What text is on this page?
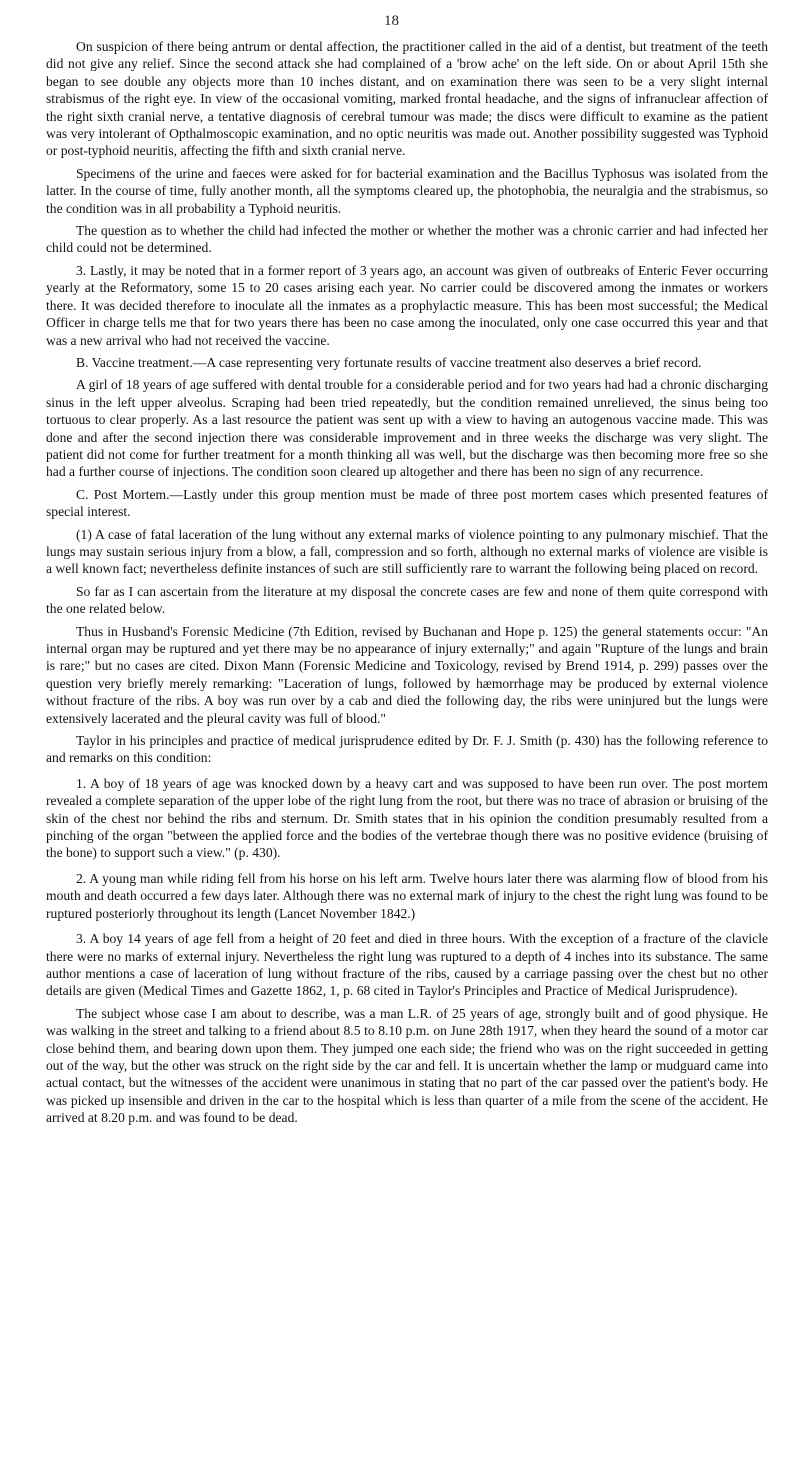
18

On suspicion of there being antrum or dental affection, the practitioner called in the aid of a dentist, but treatment of the teeth did not give any relief. Since the second attack she had complained of a 'brow ache' on the left side. On or about April 15th she began to see double any objects more than 10 inches distant, and on examination there was seen to be a very slight internal strabismus of the right eye. In view of the occasional vomiting, marked frontal headache, and the signs of infranuclear affection of the right sixth cranial nerve, a tentative diagnosis of cerebral tumour was made; the discs were difficult to examine as the patient was very intolerant of Opthalmoscopic examination, and no optic neuritis was made out. Another possibility suggested was Typhoid or post-typhoid neuritis, affecting the fifth and sixth cranial nerve.

Specimens of the urine and faeces were asked for for bacterial examination and the Bacillus Typhosus was isolated from the latter. In the course of time, fully another month, all the symptoms cleared up, the photophobia, the neuralgia and the strabismus, so the condition was in all probability a Typhoid neuritis.

The question as to whether the child had infected the mother or whether the mother was a chronic carrier and had infected her child could not be determined.

3. Lastly, it may be noted that in a former report of 3 years ago, an account was given of outbreaks of Enteric Fever occurring yearly at the Reformatory, some 15 to 20 cases arising each year. No carrier could be discovered among the inmates or workers there. It was decided therefore to inoculate all the inmates as a prophylactic measure. This has been most successful; the Medical Officer in charge tells me that for two years there has been no case among the inoculated, only one case occurred this year and that was a new arrival who had not received the vaccine.

B. Vaccine treatment.—A case representing very fortunate results of vaccine treatment also deserves a brief record.

A girl of 18 years of age suffered with dental trouble for a considerable period and for two years had had a chronic discharging sinus in the left upper alveolus. Scraping had been tried repeatedly, but the condition remained unrelieved, the sinus being too tortuous to clear properly. As a last resource the patient was sent up with a view to having an autogenous vaccine made. This was done and after the second injection there was considerable improvement and in three weeks the discharge was very slight. The patient did not come for further treatment for a month thinking all was well, but the discharge was then becoming more free so she had a further course of injections. The condition soon cleared up altogether and there has been no sign of any recurrence.

C. Post Mortem.—Lastly under this group mention must be made of three post mortem cases which presented features of special interest.

(1) A case of fatal laceration of the lung without any external marks of violence pointing to any pulmonary mischief. That the lungs may sustain serious injury from a blow, a fall, compression and so forth, although no external marks of violence are visible is a well known fact; nevertheless definite instances of such are still sufficiently rare to warrant the following being placed on record.

So far as I can ascertain from the literature at my disposal the concrete cases are few and none of them quite correspond with the one related below.

Thus in Husband's Forensic Medicine (7th Edition, revised by Buchanan and Hope p. 125) the general statements occur: "An internal organ may be ruptured and yet there may be no appearance of injury externally;" and again "Rupture of the lungs and brain is rare;" but no cases are cited. Dixon Mann (Forensic Medicine and Toxicology, revised by Brend 1914, p. 299) passes over the question very briefly merely remarking: "Laceration of lungs, followed by hæmorrhage may be produced by external violence without fracture of the ribs. A boy was run over by a cab and died the following day, the ribs were uninjured but the lungs were extensively lacerated and the pleural cavity was full of blood."

Taylor in his principles and practice of medical jurisprudence edited by Dr. F. J. Smith (p. 430) has the following reference to and remarks on this condition:

1. A boy of 18 years of age was knocked down by a heavy cart and was supposed to have been run over. The post mortem revealed a complete separation of the upper lobe of the right lung from the root, but there was no trace of abrasion or bruising of the skin of the chest nor behind the ribs and sternum. Dr. Smith states that in his opinion the condition presumably resulted from a pinching of the organ "between the applied force and the bodies of the vertebrae though there was no positive evidence (bruising of the bone) to support such a view." (p. 430).

2. A young man while riding fell from his horse on his left arm. Twelve hours later there was alarming flow of blood from his mouth and death occurred a few days later. Although there was no external mark of injury to the chest the right lung was found to be ruptured posteriorly throughout its length (Lancet November 1842.)

3. A boy 14 years of age fell from a height of 20 feet and died in three hours. With the exception of a fracture of the clavicle there were no marks of external injury. Nevertheless the right lung was ruptured to a depth of 4 inches into its substance. The same author mentions a case of laceration of lung without fracture of the ribs, caused by a carriage passing over the chest but no other details are given (Medical Times and Gazette 1862, 1, p. 68 cited in Taylor's Principles and Practice of Medical Jurisprudence).

The subject whose case I am about to describe, was a man L.R. of 25 years of age, strongly built and of good physique. He was walking in the street and talking to a friend about 8.5 to 8.10 p.m. on June 28th 1917, when they heard the sound of a motor car close behind them, and bearing down upon them. They jumped one each side; the friend who was on the right succeeded in getting out of the way, but the other was struck on the right side by the car and fell. It is uncertain whether the lamp or mudguard came into actual contact, but the witnesses of the accident were unanimous in stating that no part of the car passed over the patient's body. He was picked up insensible and driven in the car to the hospital which is less than quarter of a mile from the scene of the accident. He arrived at 8.20 p.m. and was found to be dead.
